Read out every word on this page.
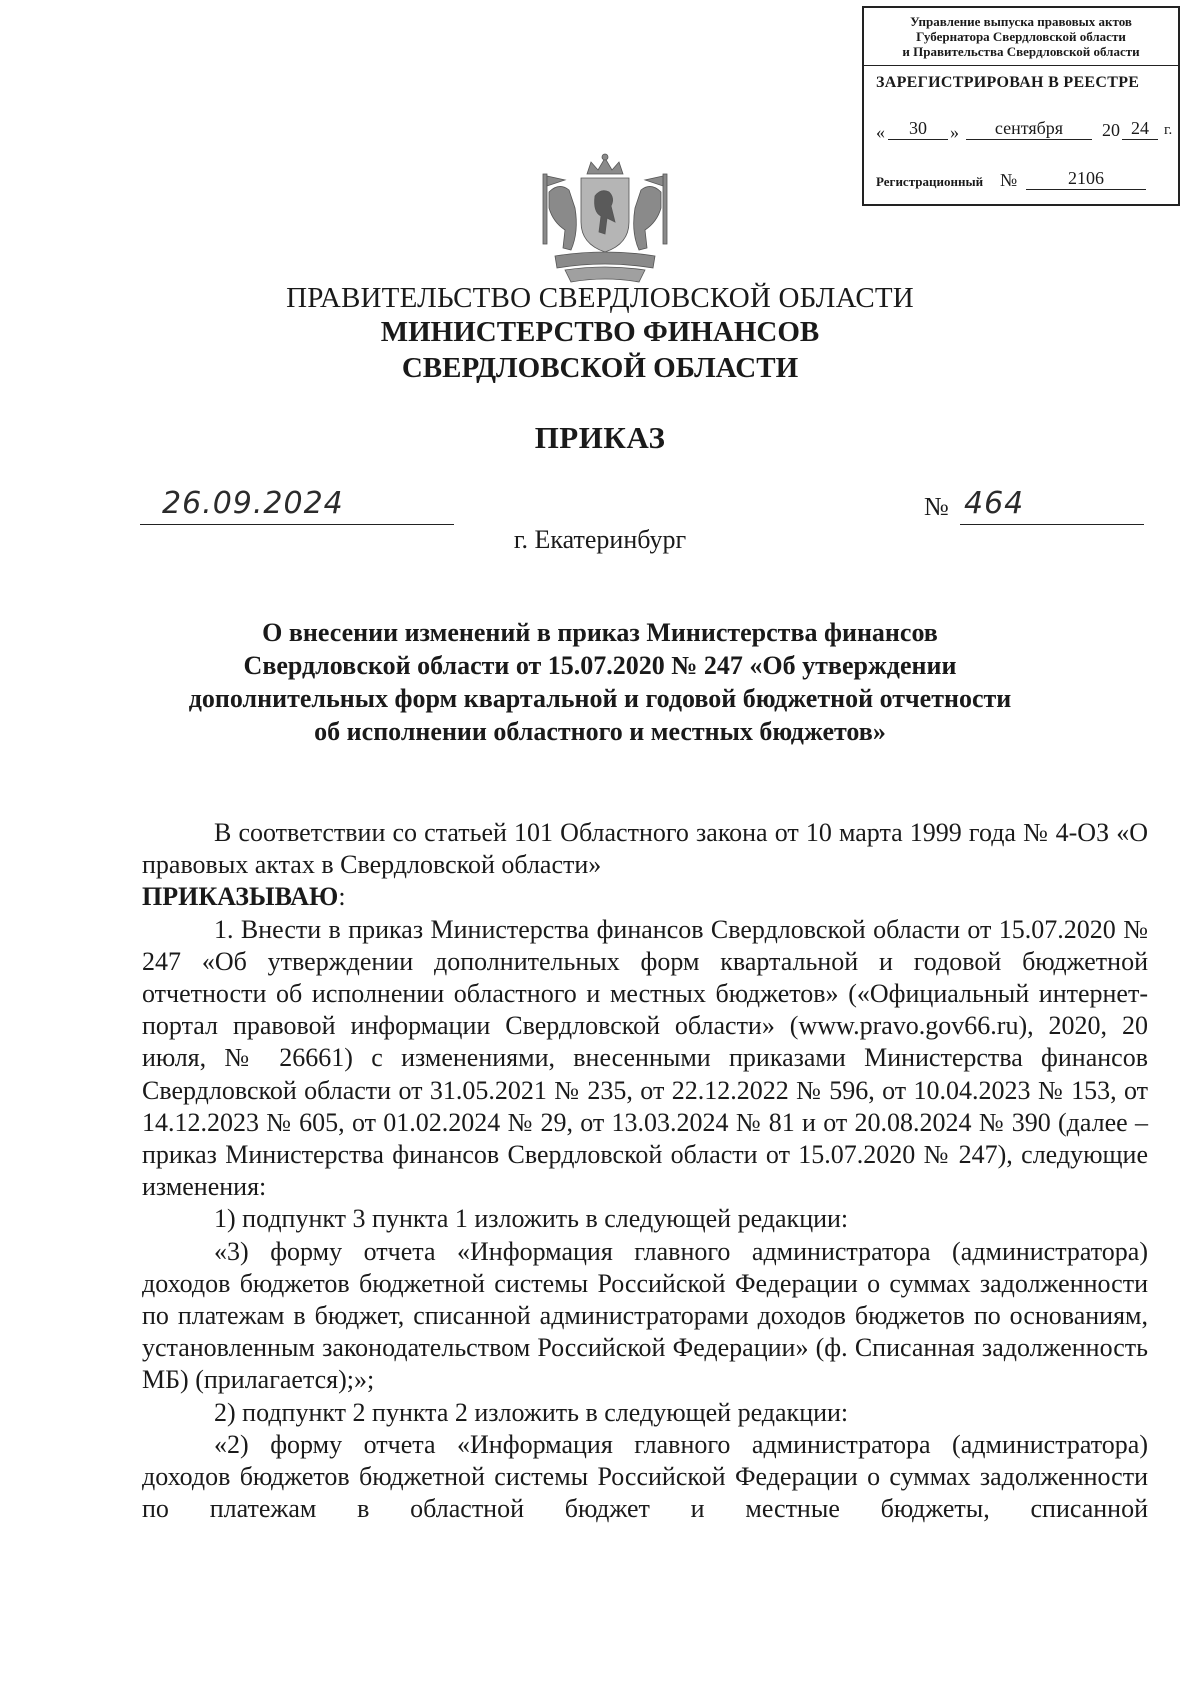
Управление выпуска правовых актов
Губернатора Свердловской области
и Правительства Свердловской области
ЗАРЕГИСТРИРОВАН В РЕЕСТРЕ
«	30	»	сентября	20 24	г.
Регистрационный №	2106
ПРАВИТЕЛЬСТВО СВЕРДЛОВСКОЙ ОБЛАСТИ
МИНИСТЕРСТВО ФИНАНСОВ
СВЕРДЛОВСКОЙ ОБЛАСТИ
ПРИКАЗ
26.09.2024	№ 464
г. Екатеринбург
О внесении изменений в приказ Министерства финансов
Свердловской области от 15.07.2020 № 247 «Об утверждении
дополнительных форм квартальной и годовой бюджетной отчетности
об исполнении областного и местных бюджетов»

В соответствии со статьей 101 Областного закона от 10 марта 1999 года № 4-ОЗ «О правовых актах в Свердловской области»

ПРИКАЗЫВАЮ:

1. Внести в приказ Министерства финансов Свердловской области от 15.07.2020 № 247 «Об утверждении дополнительных форм квартальной и годовой бюджетной отчетности об исполнении областного и местных бюджетов» («Официальный интернет-портал правовой информации Свердловской области» (www.pravo.gov66.ru), 2020, 20 июля, № 26661) с изменениями, внесенными приказами Министерства финансов Свердловской области от 31.05.2021 № 235, от 22.12.2022 № 596, от 10.04.2023 № 153, от 14.12.2023 № 605, от 01.02.2024 № 29, от 13.03.2024 № 81 и от 20.08.2024 № 390 (далее – приказ Министерства финансов Свердловской области от 15.07.2020 № 247), следующие изменения:

1) подпункт 3 пункта 1 изложить в следующей редакции:

«3) форму отчета «Информация главного администратора (администратора) доходов бюджетов бюджетной системы Российской Федерации о суммах задолженности по платежам в бюджет, списанной администраторами доходов бюджетов по основаниям, установленным законодательством Российской Федерации» (ф. Списанная задолженность МБ) (прилагается);»;

2) подпункт 2 пункта 2 изложить в следующей редакции:

«2) форму отчета «Информация главного администратора (администратора) доходов бюджетов бюджетной системы Российской Федерации о суммах задолженности по платежам в областной бюджет и местные бюджеты, списанной
